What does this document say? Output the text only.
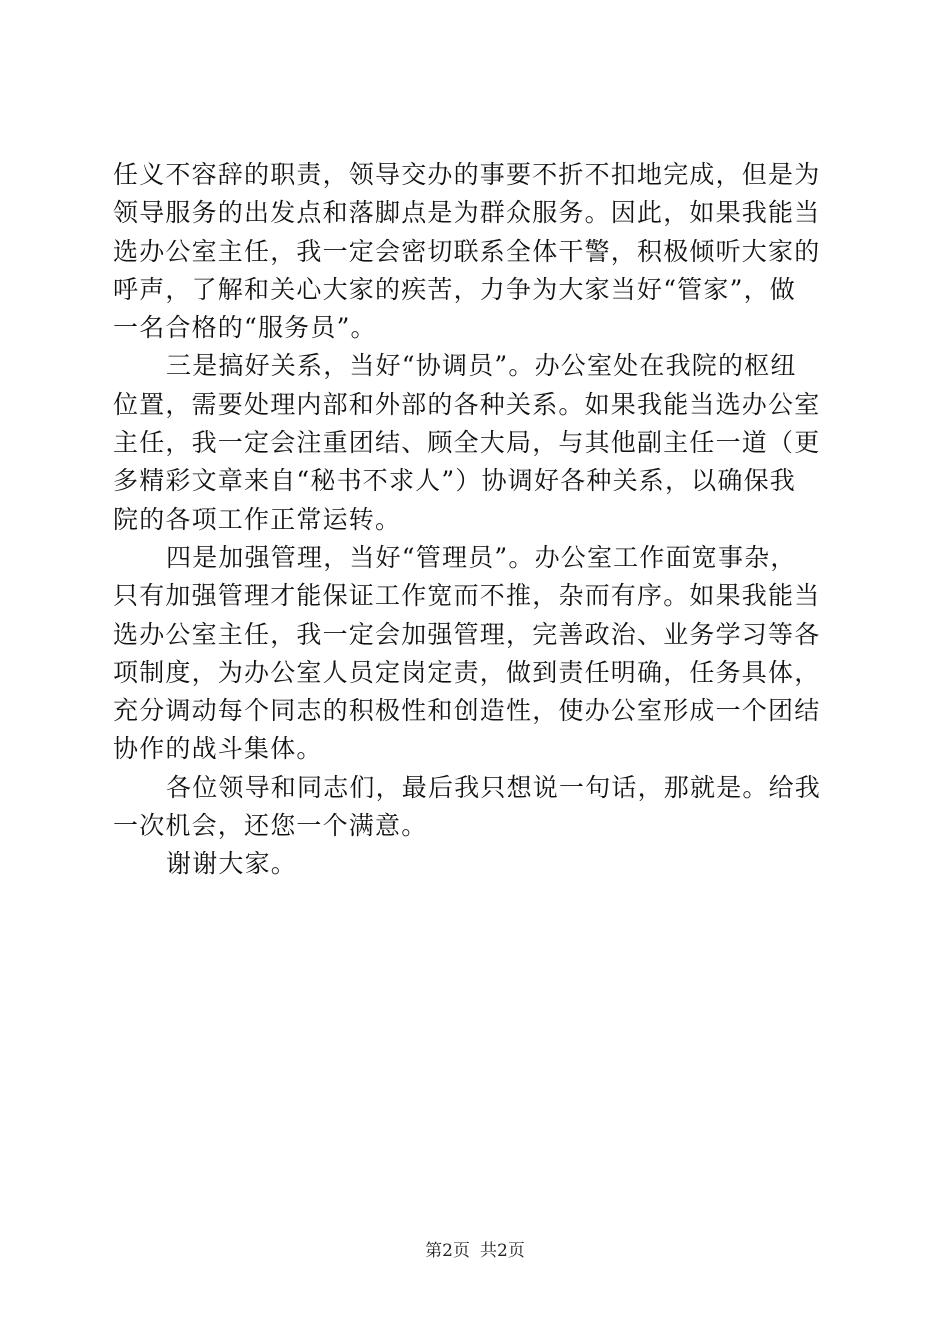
任义不容辞的职责，领导交办的事要不折不扣地完成，但是为
领导服务的出发点和落脚点是为群众服务。因此，如果我能当
选办公室主任，我一定会密切联系全体干警，积极倾听大家的
呼声，了解和关心大家的疾苦，力争为大家当好“管家”，做
一名合格的“服务员”。
三是搞好关系，当好“协调员”。办公室处在我院的枢纽
位置，需要处理内部和外部的各种关系。如果我能当选办公室
主任，我一定会注重团结、顾全大局，与其他副主任一道（更
多精彩文章来自“秘书不求人”）协调好各种关系，以确保我
院的各项工作正常运转。
四是加强管理，当好“管理员”。办公室工作面宽事杂，
只有加强管理才能保证工作宽而不推，杂而有序。如果我能当
选办公室主任，我一定会加强管理，完善政治、业务学习等各
项制度，为办公室人员定岗定责，做到责任明确，任务具体，
充分调动每个同志的积极性和创造性，使办公室形成一个团结
协作的战斗集体。
各位领导和同志们，最后我只想说一句话，那就是。给我
一次机会，还您一个满意。
谢谢大家。
第2页 共2页
